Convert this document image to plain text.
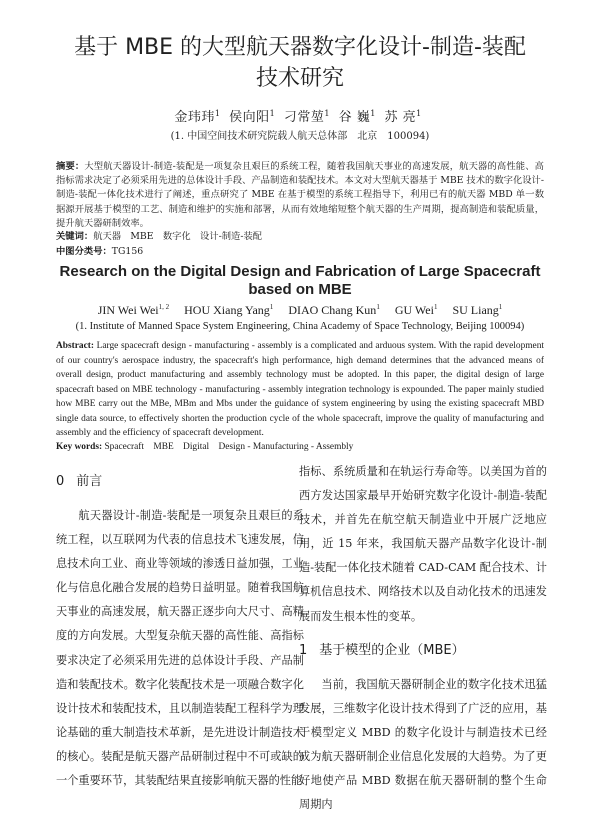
基于 MBE 的大型航天器数字化设计-制造-装配
技术研究
金玮玮$^1$ 侯向阳$^1$ 刁常堃$^1$ 谷 巍$^1$ 苏 亮$^1$
(1. 中国空间技术研究院载人航天总体部　北京　100094)
摘要：大型航天器设计-制造-装配是一项复杂且艰巨的系统工程，随着我国航天事业的高速发展，航天器的高性能、高指标需求决定了必须采用先进的总体设计手段、产品制造和装配技术。本文对大型航天器基于 MBE 技术的数字化设计-制造-装配一体化技术进行了阐述，重点研究了 MBE 在基于模型的系统工程指导下，利用已有的航天器 MBD 单一数据源开展基于模型的工艺、制造和维护的实施和部署，从而有效地缩短整个航天器的生产周期，提高制造和装配质量，提升航天器研制效率。
关键词：航天器　MBE　数字化　设计-制造-装配
中图分类号：TG156
Research on the Digital Design and Fabrication of Large Spacecraft
based on MBE
JIN Wei Wei$^{1, 2}$ HOU Xiang Yang$^1$ DIAO Chang Kun$^1$ GU Wei$^1$ SU Liang$^1$
(1. Institute of Manned Space System Engineering, China Academy of Space Technology, Beijing 100094)
Abstract: Large spacecraft design - manufacturing - assembly is a complicated and arduous system. With the rapid development of our country's aerospace industry, the spacecraft's high performance, high demand determines that the advanced means of overall design, product manufacturing and assembly technology must be adopted. In this paper, the digital design of large spacecraft based on MBE technology - manufacturing - assembly integration technology is expounded. The paper mainly studied how MBE carry out the MBe, MBm and Mbs under the guidance of system engineering by using the existing spacecraft MBD single data source, to effectively shorten the production cycle of the whole spacecraft, improve the quality of manufacturing and assembly and the efficiency of spacecraft development.
Key words: Spacecraft　MBE　Digital　Design - Manufacturing - Assembly
0 前言
航天器设计-制造-装配是一项复杂且艰巨的系统工程，以互联网为代表的信息技术飞速发展，信息技术向工业、商业等领域的渗透日益加强，工业化与信息化融合发展的趋势日益明显。随着我国航天事业的高速发展，航天器正逐步向大尺寸、高精度的方向发展。大型复杂航天器的高性能、高指标要求决定了必须采用先进的总体设计手段、产品制造和装配技术。数字化装配技术是一项融合数字化设计技术和装配技术，且以制造装配工程科学为理论基础的重大制造技术革新，是先进设计制造技术的核心。装配是航天器产品研制过程中不可或缺的一个重要环节，其装配结果直接影响航天器的性能
指标、系统质量和在轨运行寿命等。以美国为首的西方发达国家最早开始研究数字化设计-制造-装配技术，并首先在航空航天制造业中开展广泛地应用，近 15 年来，我国航天器产品数字化设计-制造-装配一体化技术随着 CAD-CAM 配合技术、计算机信息技术、网络技术以及自动化技术的迅速发展而发生根本性的变革。
1 基于模型的企业（MBE）
当前，我国航天器研制企业的数字化技术迅猛发展，三维数字化设计技术得到了广泛的应用，基于模型定义 MBD 的数字化设计与制造技术已经成为航天器研制企业信息化发展的大趋势。为了更好地使产品 MBD 数据在航天器研制的整个生命周期内
